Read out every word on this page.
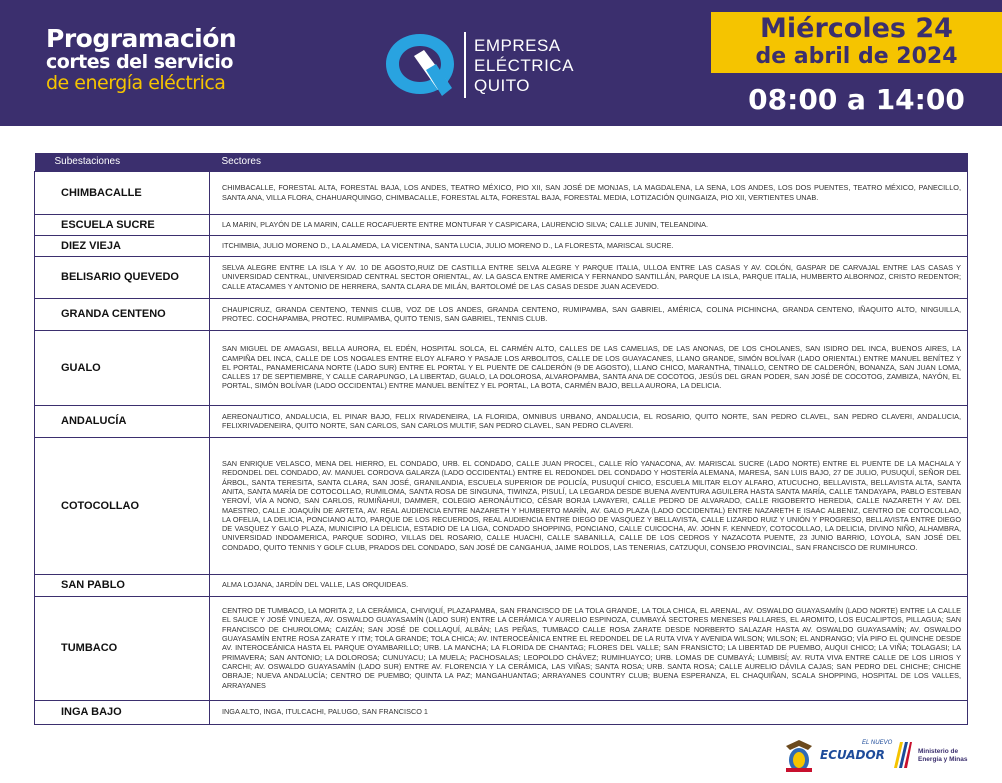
Programación
cortes del servicio
de energía eléctrica
EMPRESA
ELÉCTRICA
QUITO
Miércoles 24
de abril de 2024
08:00 a 14:00
Subestaciones	Sectores
CHIMBACALLE	CHIMBACALLE, FORESTAL ALTA, FORESTAL BAJA, LOS ANDES, TEATRO MÉXICO, PIO XII, SAN JOSÉ DE MONJAS, LA MAGDALENA, LA SENA, LOS ANDES, LOS DOS PUENTES, TEATRO MÉXICO, PANECILLO, SANTA ANA, VILLA FLORA, CHAHUARQUINGO, CHIMBACALLE, FORESTAL ALTA, FORESTAL BAJA, FORESTAL MEDIA, LOTIZACIÓN QUINGAIZA, PIO XII, VERTIENTES UNAB.
ESCUELA SUCRE	LA MARIN, PLAYÓN DE LA MARIN, CALLE ROCAFUERTE ENTRE MONTUFAR Y CASPICARA, LAURENCIO SILVA; CALLE JUNIN, TELEANDINA.
DIEZ VIEJA	ITCHIMBIA, JULIO MORENO D., LA ALAMEDA, LA VICENTINA, SANTA LUCIA, JULIO MORENO D., LA FLORESTA, MARISCAL SUCRE.
BELISARIO QUEVEDO	SELVA ALEGRE ENTRE LA ISLA Y AV. 10 DE AGOSTO,RUIZ DE CASTILLA ENTRE SELVA ALEGRE Y PARQUE ITALIA, ULLOA ENTRE LAS CASAS Y AV. COLÓN, GASPAR DE CARVAJAL ENTRE LAS CASAS Y UNIVERSIDAD CENTRAL, UNIVERSIDAD CENTRAL SECTOR ORIENTAL, AV. LA GASCA ENTRE AMERICA Y FERNANDO SANTILLÁN, PARQUE LA ISLA, PARQUE ITALIA, HUMBERTO ALBORNOZ, CRISTO REDENTOR; CALLE ATACAMES Y ANTONIO DE HERRERA, SANTA CLARA DE MILÁN, BARTOLOMÉ DE LAS CASAS DESDE JUAN ACEVEDO.
GRANDA CENTENO	CHAUPICRUZ, GRANDA CENTENO, TENNIS CLUB, VOZ DE LOS ANDES, GRANDA CENTENO, RUMIPAMBA, SAN GABRIEL, AMÉRICA, COLINA PICHINCHA, GRANDA CENTENO, IÑAQUITO ALTO, NINGUILLA, PROTEC. COCHAPAMBA, PROTEC. RUMIPAMBA, QUITO TENIS, SAN GABRIEL, TENNIS CLUB.
GUALO	SAN MIGUEL DE AMAGASI, BELLA AURORA, EL EDÉN, HOSPITAL SOLCA, EL CARMÉN ALTO, CALLES DE LAS CAMELIAS, DE LAS ANONAS, DE LOS CHOLANES, SAN ISIDRO DEL INCA, BUENOS AIRES, LA CAMPIÑA DEL INCA, CALLE DE LOS NOGALES ENTRE ELOY ALFARO Y PASAJE LOS ARBOLITOS, CALLE DE LOS GUAYACANES, LLANO GRANDE, SIMÓN BOLÍVAR (LADO ORIENTAL) ENTRE MANUEL BENÍTEZ Y EL PORTAL, PANAMERICANA NORTE (LADO SUR) ENTRE EL PORTAL Y EL PUENTE DE CALDERÓN (9 DE AGOSTO), LLANO CHICO, MARANTHA, TINALLO, CENTRO DE CALDERÓN, BONANZA, SAN JUAN LOMA, CALLES 17 DE SEPTIEMBRE, Y CALLE CARAPUNGO, LA LIBERTAD, GUALO, LA DOLOROSA, ALVAROPAMBA, SANTA ANA DE COCOTOG, JESÚS DEL GRAN PODER, SAN JOSÉ DE COCOTOG, ZAMBIZA, NAYÓN, EL PORTAL, SIMÓN BOLÍVAR (LADO OCCIDENTAL) ENTRE MANUEL BENÍTEZ Y EL PORTAL, LA BOTA, CARMÉN BAJO, BELLA AURORA, LA DELICIA.
ANDALUCÍA	AEREONAUTICO, ANDALUCIA, EL PINAR BAJO, FELIX RIVADENEIRA, LA FLORIDA, OMNIBUS URBANO, ANDALUCIA, EL ROSARIO, QUITO NORTE, SAN PEDRO CLAVEL, SAN PEDRO CLAVERI, ANDALUCIA, FELIXRIVADENEIRA, QUITO NORTE, SAN CARLOS, SAN CARLOS MULTIF, SAN PEDRO CLAVEL, SAN PEDRO CLAVERI.
COTOCOLLAO	SAN ENRIQUE VELASCO, MENA DEL HIERRO, EL CONDADO, URB. EL CONDADO, CALLE JUAN PROCEL, CALLE RÍO YANACONA, AV. MARISCAL SUCRE (LADO NORTE) ENTRE EL PUENTE DE LA MACHALA Y REDONDEL DEL CONDADO, AV. MANUEL CORDOVA GALARZA (LADO OCCIDENTAL) ENTRE EL REDONDEL DEL CONDADO Y HOSTERÍA ALEMANA, MARESA, SAN LUIS BAJO, 27 DE JULIO, PUSUQUÍ, SEÑOR DEL ÁRBOL, SANTA TERESITA, SANTA CLARA, SAN JOSÉ, GRANILANDIA, ESCUELA SUPERIOR DE POLICÍA, PUSUQUÍ CHICO, ESCUELA MILITAR ELOY ALFARO, ATUCUCHO, BELLAVISTA, BELLAVISTA ALTA, SANTA ANITA, SANTA MARÍA DE COTOCOLLAO, RUMILOMA, SANTA ROSA DE SINGUNA, TIWINZA, PISULÍ, LA LEGARDA DESDE BUENA AVENTURA AGUILERA HASTA SANTA MARÍA, CALLE TANDAYAPA, PABLO ESTEBAN YEROVÍ, VÍA A NONO, SAN CARLOS, RUMIÑAHUI, DAMMER, COLEGIO AERONÁUTICO, CÉSAR BORJA LAVAYERI, CALLE PEDRO DE ALVARADO, CALLE RIGOBERTO HEREDIA, CALLE NAZARETH Y AV. DEL MAESTRO, CALLE JOAQUÍN DE ARTETA, AV. REAL AUDIENCIA ENTRE NAZARETH Y HUMBERTO MARÍN, AV. GALO PLAZA (LADO OCCIDENTAL) ENTRE NAZARETH E ISAAC ALBENIZ, CENTRO DE COTOCOLLAO, LA OFELIA, LA DELICIA, PONCIANO ALTO, PARQUE DE LOS RECUERDOS, REAL AUDIENCIA ENTRE DIEGO DE VASQUEZ Y BELLAVISTA, CALLE LIZARDO RUIZ Y UNIÓN Y PROGRESO, BELLAVISTA ENTRE DIEGO DE VASQUEZ Y GALO PLAZA, MUNICIPIO LA DELICIA, ESTADIO DE LA LIGA, CONDADO SHOPPING, PONCIANO, CALLE CUICOCHA, AV. JOHN F. KENNEDY, COTOCOLLAO, LA DELICIA, DIVINO NIÑO, ALHAMBRA, UNIVERSIDAD INDOAMERICA, PARQUE SODIRO, VILLAS DEL ROSARIO, CALLE HUACHI, CALLE SABANILLA, CALLE DE LOS CEDROS Y NAZACOTA PUENTE, 23 JUNIO BARRIO, LOYOLA, SAN JOSÉ DEL CONDADO, QUITO TENNIS Y GOLF CLUB, PRADOS DEL CONDADO, SAN JOSÉ DE CANGAHUA, JAIME ROLDOS, LAS TENERIAS, CATZUQUI, CONSEJO PROVINCIAL, SAN FRANCISCO DE RUMIHURCO.
SAN PABLO	ALMA LOJANA, JARDÍN DEL VALLE, LAS ORQUIDEAS.
TUMBACO	CENTRO DE TUMBACO, LA MORITA 2, LA CERÁMICA, CHIVIQUÍ, PLAZAPAMBA, SAN FRANCISCO DE LA TOLA GRANDE, LA TOLA CHICA, EL ARENAL, AV. OSWALDO GUAYASAMÍN (LADO NORTE) ENTRE LA CALLE EL SAUCE Y JOSÉ VINUEZA, AV. OSWALDO GUAYASAMÍN (LADO SUR) ENTRE LA CERÁMICA Y AURELIO ESPINOZA, CUMBAYÁ SECTORES MENESES PALLARES, EL AROMITO, LOS EUCALIPTOS, PILLAGUA; SAN FRANCISCO DE CHUROLOMA; CAIZÁN; SAN JOSÉ DE COLLAQUÍ, ALBÁN; LAS PEÑAS, TUMBACO CALLE ROSA ZARATE DESDE NORBERTO SALAZAR HASTA AV. OSWALDO GUAYASAMÍN; AV. OSWALDO GUAYASAMÍN ENTRE ROSA ZARATE Y ITM; TOLA GRANDE; TOLA CHICA; AV. INTEROCEÁNICA ENTRE EL REDONDEL DE LA RUTA VIVA Y AVENIDA WILSON; WILSON; EL ANDRANGO; VÍA PIFO EL QUINCHE DESDE AV. INTEROCEÁNICA HASTA EL PARQUE OYAMBARILLO; URB. LA MANCHA; LA FLORIDA DE CHANTAG; FLORES DEL VALLE; SAN FRANSICTO; LA LIBERTAD DE PUEMBO, AUQUI CHICO; LA VIÑA; TOLAGASI; LA PRIMAVERA; SAN ANTONIO; LA DOLOROSA; CUNUYACU; LA MUELA; PACHOSALAS; LEOPOLDO CHÁVEZ; RUMIHUAYCO; URB. LOMAS DE CUMBAYÁ; LUMBISÍ; AV. RUTA VIVA ENTRE CALLE DE LOS LIRIOS Y CARCHI; AV. OSWALDO GUAYASAMÍN (LADO SUR) ENTRE AV. FLORENCIA Y LA CERÁMICA, LAS VIÑAS; SANTA ROSA; URB. SANTA ROSA; CALLE AURELIO DÁVILA CAJAS; SAN PEDRO DEL CHICHE; CHICHE OBRAJE; NUEVA ANDALUCÍA; CENTRO DE PUEMBO; QUINTA LA PAZ; MANGAHUANTAG; ARRAYANES COUNTRY CLUB; BUENA ESPERANZA, EL CHAQUIÑAN, SCALA SHOPPING, HOSPITAL DE LOS VALLES, ARRAYANES
INGA BAJO	INGA ALTO, INGA, ITULCACHI, PALUGO, SAN FRANCISCO 1
EL NUEVO
ECUADOR	Ministerio de
Energía y Minas
